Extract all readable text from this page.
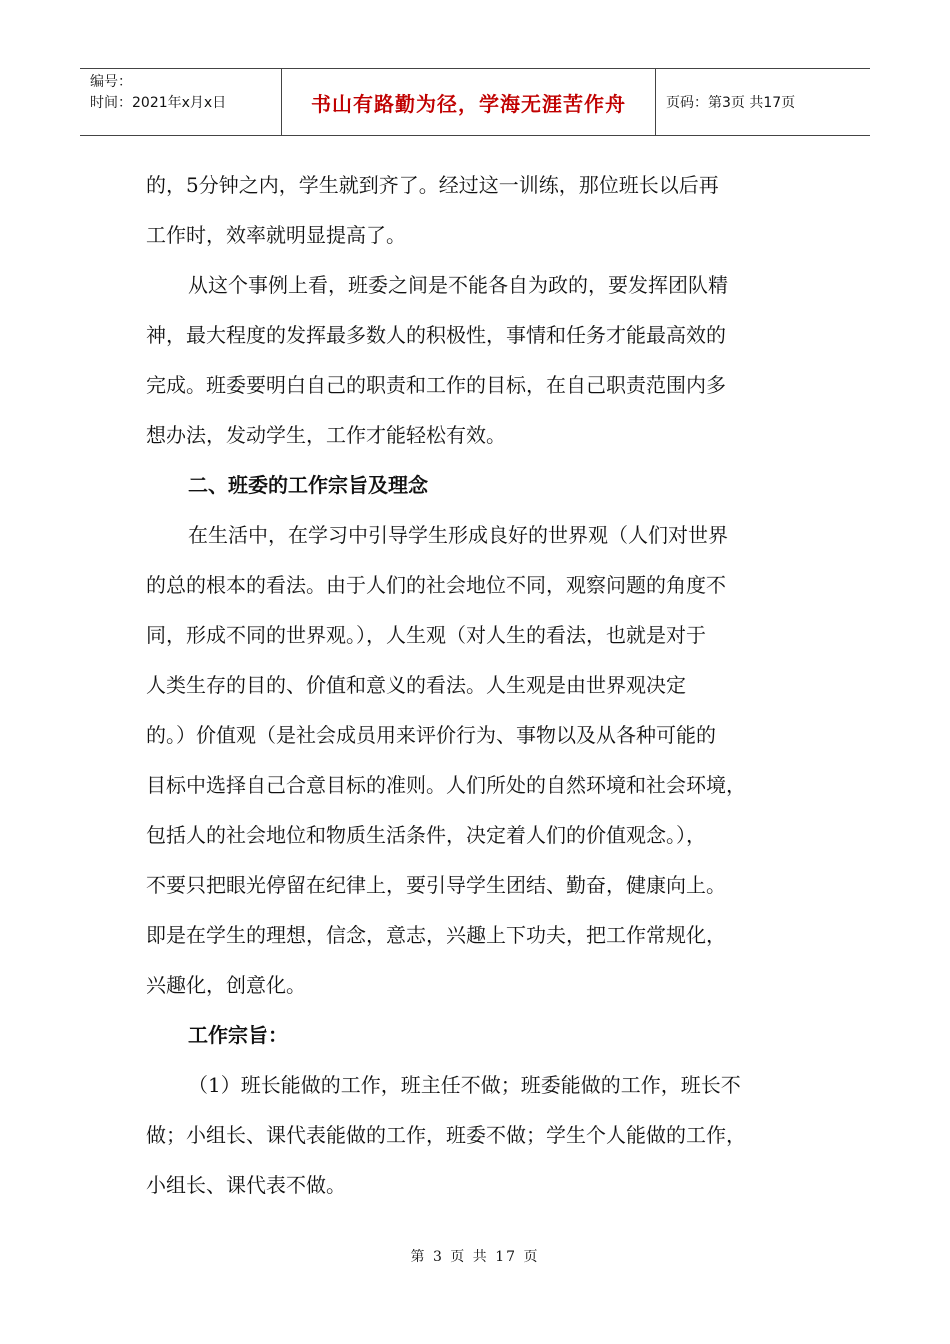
编号：
时间：2021年x月x日	书山有路勤为径，学海无涯苦作舟	页码：第3页 共17页

的，5分钟之内，学生就到齐了。经过这一训练，那位班长以后再

工作时，效率就明显提高了。

从这个事例上看，班委之间是不能各自为政的，要发挥团队精

神，最大程度的发挥最多数人的积极性，事情和任务才能最高效的

完成。班委要明白自己的职责和工作的目标，在自己职责范围内多

想办法，发动学生，工作才能轻松有效。

二、班委的工作宗旨及理念

在生活中，在学习中引导学生形成良好的世界观（人们对世界

的总的根本的看法。由于人们的社会地位不同，观察问题的角度不

同，形成不同的世界观。），人生观（对人生的看法，也就是对于

人类生存的目的、价值和意义的看法。人生观是由世界观决定

的。）价值观（是社会成员用来评价行为、事物以及从各种可能的

目标中选择自己合意目标的准则。人们所处的自然环境和社会环境，

包括人的社会地位和物质生活条件，决定着人们的价值观念。），

不要只把眼光停留在纪律上，要引导学生团结、勤奋，健康向上。

即是在学生的理想，信念，意志，兴趣上下功夫，把工作常规化，

兴趣化，创意化。

工作宗旨：

（1）班长能做的工作，班主任不做；班委能做的工作，班长不

做；小组长、课代表能做的工作，班委不做；学生个人能做的工作，

小组长、课代表不做。

第 3 页 共 17 页
